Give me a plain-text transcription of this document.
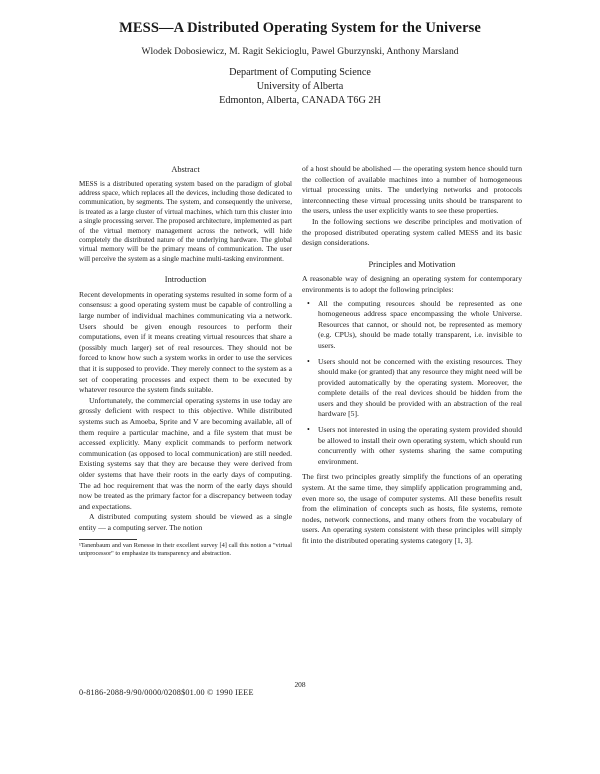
MESS—A Distributed Operating System for the Universe
Wlodek Dobosiewicz, M. Ragit Sekicioglu, Pawel Gburzynski, Anthony Marsland
Department of Computing Science
University of Alberta
Edmonton, Alberta, CANADA T6G 2H
Abstract

MESS is a distributed operating system based on the paradigm of global address space, which replaces all the devices, including those dedicated to communication, by segments. The system, and consequently the universe, is treated as a large cluster of virtual machines, which turn this cluster into a single processing server. The proposed architecture, implemented as part of the virtual memory management across the network, will hide completely the distributed nature of the underlying hardware. The global virtual memory will be the primary means of communication. The user will perceive the system as a single machine multi-tasking environment.

Introduction

Recent developments in operating systems resulted in some form of a consensus: a good operating system must be capable of controlling a large number of individual machines communicating via a network. Users should be given enough resources to perform their computations, even if it means creating virtual resources that share a (possibly much larger) set of real resources. They should not be forced to know how such a system works in order to use the services that it is supposed to provide. They merely connect to the system as a set of cooperating processes and expect them to be executed by whatever resource the system finds suitable.

Unfortunately, the commercial operating systems in use today are grossly deficient with respect to this objective. While distributed systems such as Amoeba, Sprite and V are becoming available, all of them require a particular machine, and a file system that must be accessed explicitly. Many explicit commands to perform network communication (as opposed to local communication) are still needed. Existing systems say that they are because they were derived from older systems that have their roots in the early days of computing. The ad hoc requirement that was the norm of the early days should now be treated as the primary factor for a discrepancy between today and expectations.

A distributed computing system should be viewed as a single entity — a computing server. The notion

¹Tanenbaum and van Renesse in their excellent survey [4] call this notion a "virtual uniprocessor" to emphasize its transparency and abstraction.

of a host should be abolished — the operating system hence should turn the collection of available machines into a number of homogeneous virtual processing units. The underlying networks and protocols interconnecting these virtual processing units should be transparent to the users, unless the user explicitly wants to see these properties.

In the following sections we describe principles and motivation of the proposed distributed operating system called MESS and its basic design considerations.

Principles and Motivation

A reasonable way of designing an operating system for contemporary environments is to adopt the following principles:

• All the computing resources should be represented as one homogeneous address space encompassing the whole Universe. Resources that cannot, or should not, be represented as memory (e.g. CPUs), should be made totally transparent, i.e. invisible to users.
• Users should not be concerned with the existing resources. They should make (or granted) that any resource they might need will be provided automatically by the operating system. Moreover, the complete details of the real devices should be hidden from the users and they should be provided with an abstraction of the real hardware [5].
• Users not interested in using the operating system provided should be allowed to install their own operating system, which should run concurrently with other systems sharing the same computing environment.

The first two principles greatly simplify the functions of an operating system. At the same time, they simplify application programming and, even more so, the usage of computer systems. All these benefits result from the elimination of concepts such as hosts, file systems, remote nodes, network connections, and many others from the vocabulary of users. An operating system consistent with these principles will simply fit into the distributed operating systems category [1, 3].

208
0-8186-2088-9/90/0000/0208$01.00 © 1990 IEEE
